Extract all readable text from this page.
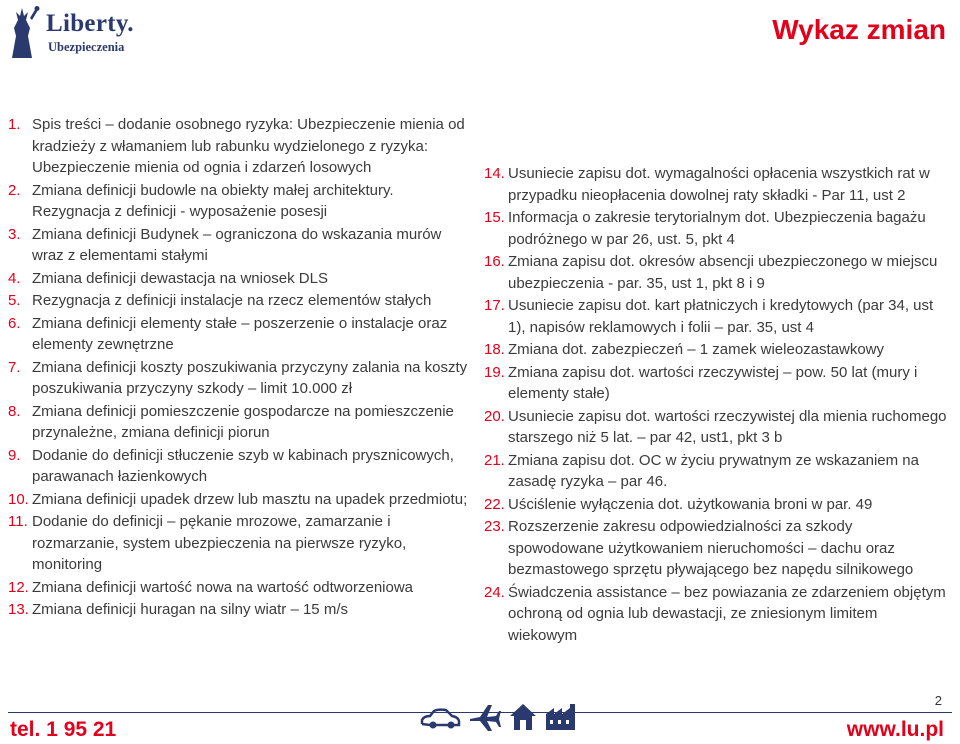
Liberty.
Ubezpieczenia
Wykaz zmian
1. Spis treści – dodanie osobnego ryzyka: Ubezpieczenie mienia od kradzieży z włamaniem lub rabunku wydzielonego z ryzyka: Ubezpieczenie mienia od ognia i zdarzeń losowych
2. Zmiana definicji budowle na obiekty małej architektury. Rezygnacja z definicji - wyposażenie posesji
3. Zmiana definicji Budynek – ograniczona do wskazania murów wraz z elementami stałymi
4. Zmiana definicji dewastacja na wniosek DLS
5. Rezygnacja z definicji instalacje na rzecz elementów stałych
6. Zmiana definicji elementy stałe – poszerzenie o instalacje oraz elementy zewnętrzne
7. Zmiana definicji koszty poszukiwania przyczyny zalania na koszty poszukiwania przyczyny szkody – limit 10.000 zł
8. Zmiana definicji pomieszczenie gospodarcze na pomieszczenie przynależne, zmiana definicji piorun
9. Dodanie do definicji stłuczenie szyb w kabinach prysznicowych, parawanach łazienkowych
10. Zmiana definicji upadek drzew lub masztu na upadek przedmiotu;
11. Dodanie do definicji – pękanie mrozowe, zamarzanie i rozmarzanie, system ubezpieczenia na pierwsze ryzyko, monitoring
12. Zmiana definicji wartość nowa na wartość odtworzeniowa
13. Zmiana definicji huragan na silny wiatr – 15 m/s
14. Usuniecie zapisu dot. wymagalności opłacenia wszystkich rat w przypadku nieopłacenia dowolnej raty składki - Par 11, ust 2
15. Informacja o zakresie terytorialnym dot. Ubezpieczenia bagażu podróżnego w par 26, ust. 5, pkt 4
16. Zmiana zapisu dot. okresów absencji ubezpieczonego w miejscu ubezpieczenia - par. 35, ust 1, pkt 8 i 9
17. Usuniecie zapisu dot. kart płatniczych i kredytowych (par 34, ust 1), napisów reklamowych i folii – par. 35, ust 4
18. Zmiana dot. zabezpieczeń – 1 zamek wieleozastawkowy
19. Zmiana zapisu dot. wartości rzeczywistej – pow. 50 lat (mury i elementy stałe)
20. Usuniecie zapisu dot. wartości rzeczywistej dla mienia ruchomego starszego niż 5 lat. – par 42, ust1, pkt 3 b
21. Zmiana zapisu dot. OC w życiu prywatnym ze wskazaniem na zasadę ryzyka – par 46.
22. Uściślenie wyłączenia dot. użytkowania broni w par. 49
23. Rozszerzenie zakresu odpowiedzialności za szkody spowodowane użytkowaniem nieruchomości – dachu oraz bezmastowego sprzętu pływającego bez napędu silnikowego
24. Świadczenia assistance – bez powiazania ze zdarzeniem objętym ochroną od ognia lub dewastacji, ze zniesionym limitem wiekowym
2
tel. 1 95 21	www.lu.pl
